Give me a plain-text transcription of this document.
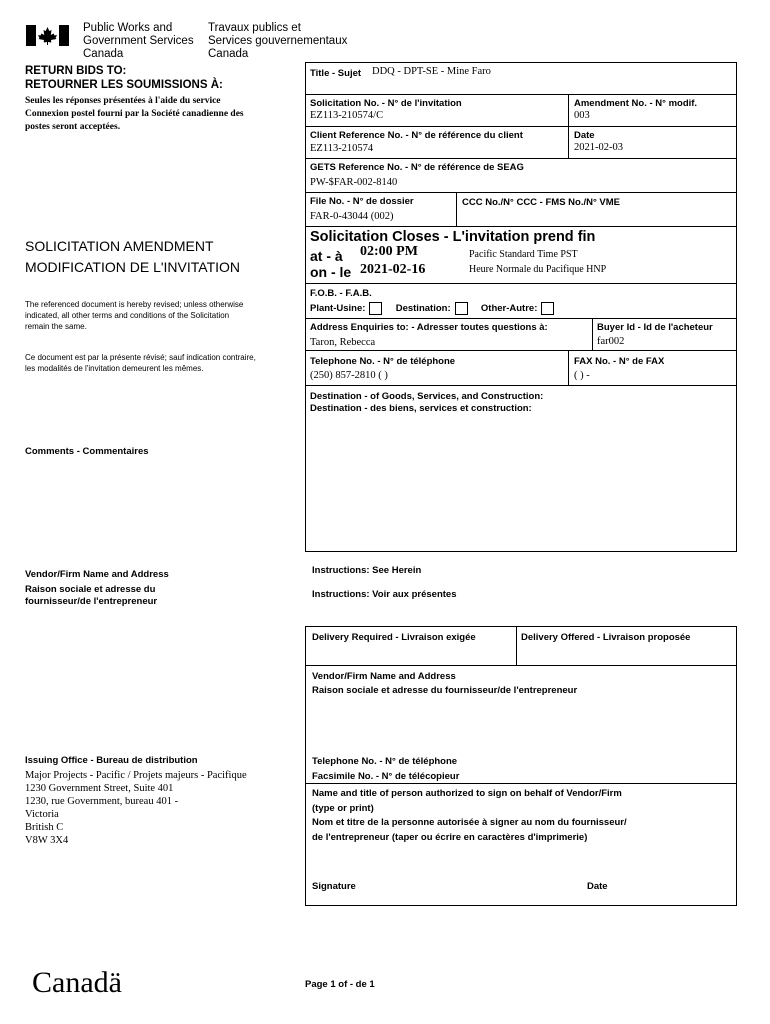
Public Works and
Government Services
Canada
Travaux publics et
Services gouvernementaux
Canada
RETURN BIDS TO:
RETOURNER LES SOUMISSIONS À:
Seules les réponses présentées à l'aide du service
Connexion postel fourni par la Société canadienne des
postes seront acceptées.
SOLICITATION AMENDMENT
MODIFICATION DE L'INVITATION
The referenced document is hereby revised; unless otherwise
indicated, all other terms and conditions of the Solicitation
remain the same.
Ce document est par la présente révisé; sauf indication contraire,
les modalités de l'invitation demeurent les mêmes.
Comments - Commentaires
Vendor/Firm Name and Address
Raison sociale et adresse du
fournisseur/de l'entrepreneur
Issuing Office - Bureau de distribution
Major Projects - Pacific / Projets majeurs - Pacifique
1230 Government Street, Suite 401
1230, rue Government, bureau 401 -
Victoria
British C
V8W 3X4
Title - Sujet DDQ - DPT-SE - Mine Faro
Solicitation No. - N° de l'invitation
EZ113-210574/C
Amendment No. - N° modif.
003
Client Reference No. - N° de référence du client
EZ113-210574
Date
2021-02-03
GETS Reference No. - N° de référence de SEAG
PW-$FAR-002-8140
File No. - N° de dossier
FAR-0-43044 (002)
CCC No./N° CCC - FMS No./N° VME
Solicitation Closes - L'invitation prend fin
at - à 02:00 PM
on - le 2021-02-16
Pacific Standard Time PST
Heure Normale du Pacifique HNP
F.O.B. - F.A.B.
Plant-Usine:	Destination:	Other-Autre:
Address Enquiries to: - Adresser toutes questions à:
Taron, Rebecca
Buyer Id - Id de l'acheteur
far002
Telephone No. - N° de téléphone
(250) 857-2810 ( )
FAX No. - N° de FAX
( ) -
Destination - of Goods, Services, and Construction:
Destination - des biens, services et construction:
Instructions: See Herein
Instructions: Voir aux présentes
Delivery Required - Livraison exigée	Delivery Offered - Livraison proposée
Vendor/Firm Name and Address
Raison sociale et adresse du fournisseur/de l'entrepreneur
Telephone No. - N° de téléphone
Facsimile No. - N° de télécopieur
Name and title of person authorized to sign on behalf of Vendor/Firm
(type or print)
Nom et titre de la personne autorisée à signer au nom du fournisseur/
de l'entrepreneur (taper ou écrire en caractères d'imprimerie)
Signature	Date
Canadä	Page 1 of - de 1
